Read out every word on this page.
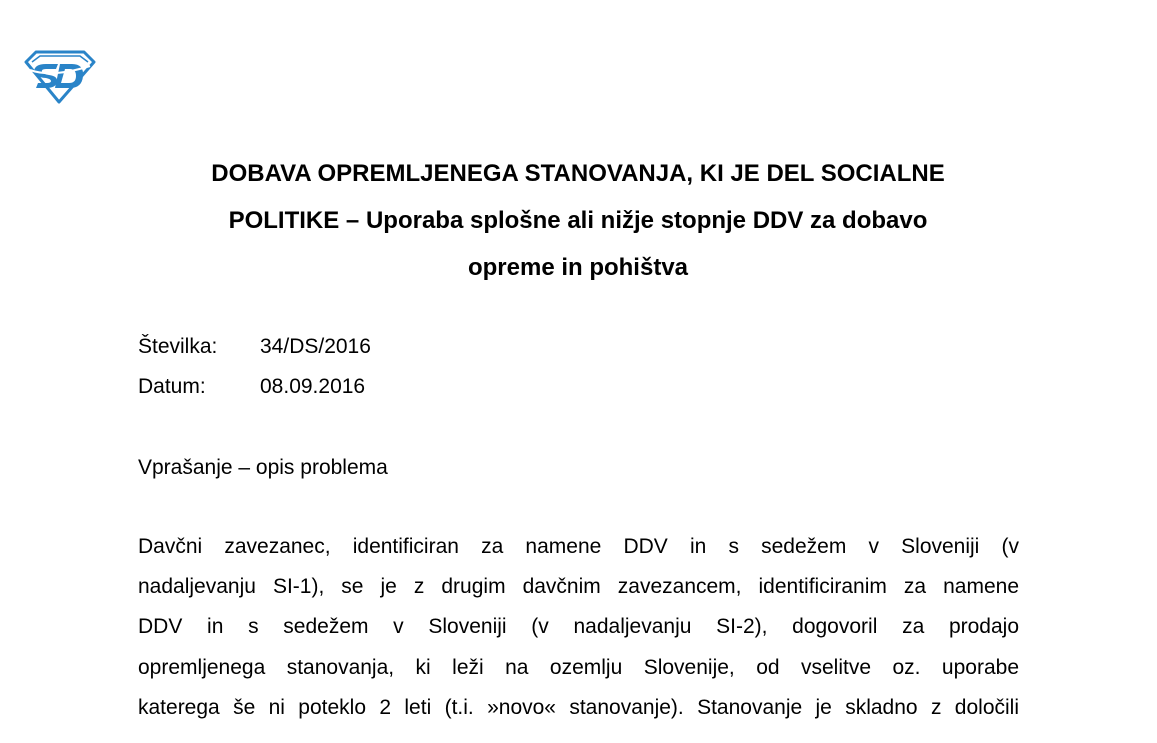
DOBAVA OPREMLJENEGA STANOVANJA, KI JE DEL SOCIALNE
POLITIKE – Uporaba splošne ali nižje stopnje DDV za dobavo
opreme in pohištva
Številka:	34/DS/2016
Datum:	08.09.2016
Vprašanje – opis problema
Davčni zavezanec, identificiran za namene DDV in s sedežem v Sloveniji (v
nadaljevanju SI-1), se je z drugim davčnim zavezancem, identificiranim za namene
DDV in s sedežem v Sloveniji (v nadaljevanju SI-2), dogovoril za prodajo
opremljenega stanovanja, ki leži na ozemlju Slovenije, od vselitve oz. uporabe
katerega še ni poteklo 2 leti (t.i. »novo« stanovanje). Stanovanje je skladno z določili
